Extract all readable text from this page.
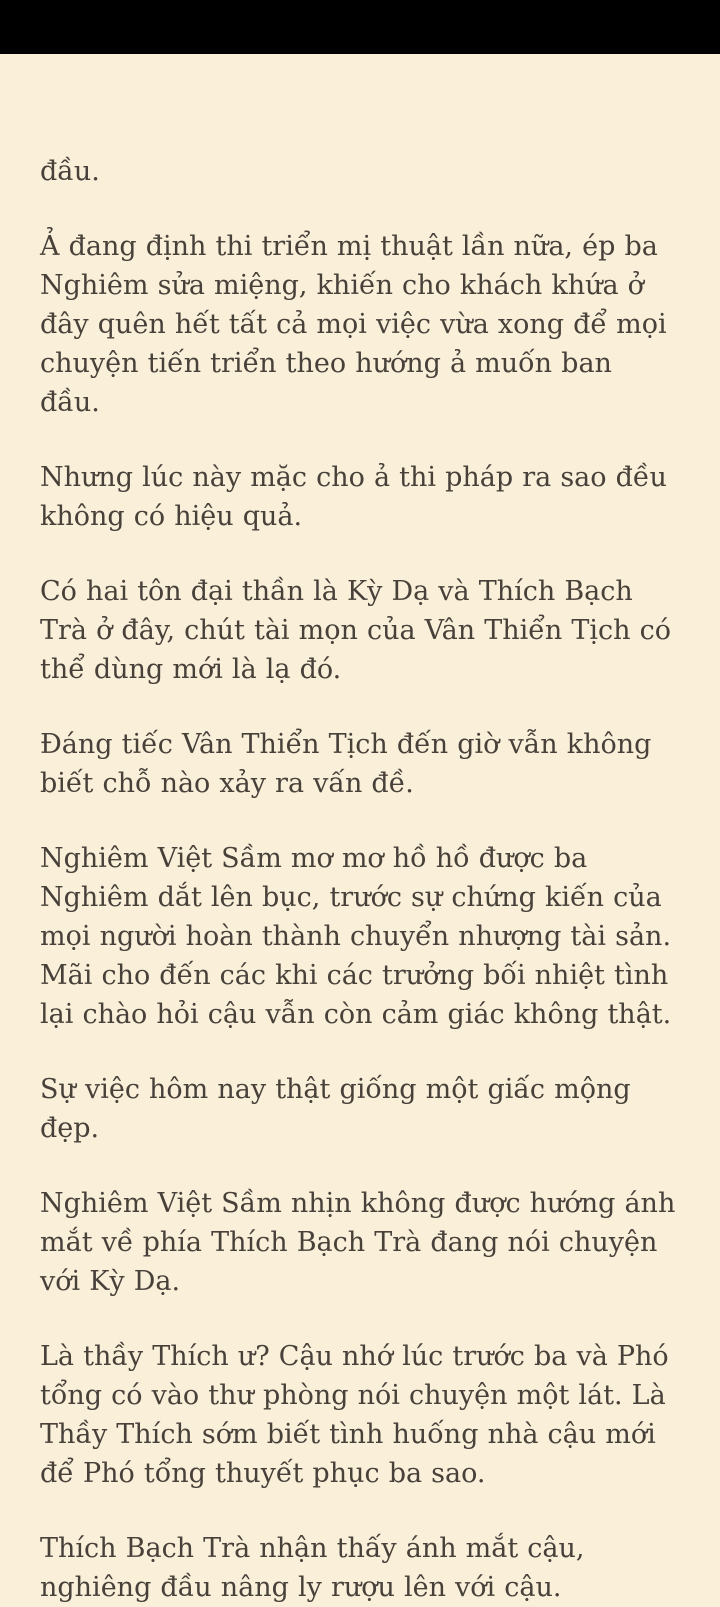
đầu.

Ả đang định thi triển mị thuật lần nữa, ép ba Nghiêm sửa miệng, khiến cho khách khứa ở đây quên hết tất cả mọi việc vừa xong để mọi chuyện tiến triển theo hướng ả muốn ban đầu.

Nhưng lúc này mặc cho ả thi pháp ra sao đều không có hiệu quả.

Có hai tôn đại thần là Kỳ Dạ và Thích Bạch Trà ở đây, chút tài mọn của Vân Thiển Tịch có thể dùng mới là lạ đó.

Đáng tiếc Vân Thiển Tịch đến giờ vẫn không biết chỗ nào xảy ra vấn đề.

Nghiêm Việt Sầm mơ mơ hồ hồ được ba Nghiêm dắt lên bục, trước sự chứng kiến của mọi người hoàn thành chuyển nhượng tài sản. Mãi cho đến các khi các trưởng bối nhiệt tình lại chào hỏi cậu vẫn còn cảm giác không thật.

Sự việc hôm nay thật giống một giấc mộng đẹp.

Nghiêm Việt Sầm nhịn không được hướng ánh mắt về phía Thích Bạch Trà đang nói chuyện với Kỳ Dạ.

Là thầy Thích ư? Cậu nhớ lúc trước ba và Phó tổng có vào thư phòng nói chuyện một lát. Là Thầy Thích sớm biết tình huống nhà cậu mới để Phó tổng thuyết phục ba sao.

Thích Bạch Trà nhận thấy ánh mắt cậu, nghiêng đầu nâng ly rượu lên với cậu.
